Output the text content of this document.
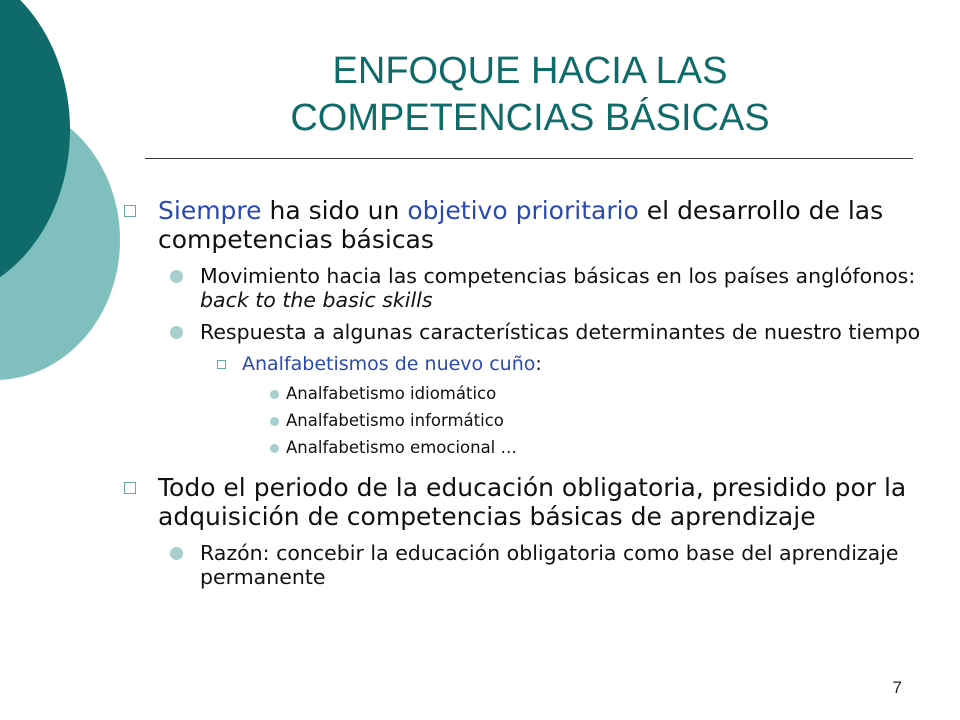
ENFOQUE HACIA LAS
COMPETENCIAS BÁSICAS
Siempre ha sido un objetivo prioritario el desarrollo de las competencias básicas
Movimiento hacia las competencias básicas en los países anglófonos: back to the basic skills
Respuesta a algunas características determinantes de nuestro tiempo
Analfabetismos de nuevo cuño:
Analfabetismo idiomático
Analfabetismo informático
Analfabetismo emocional …
Todo el periodo de la educación obligatoria, presidido por la adquisición de competencias básicas de aprendizaje
Razón: concebir la educación obligatoria como base del aprendizaje permanente
7
